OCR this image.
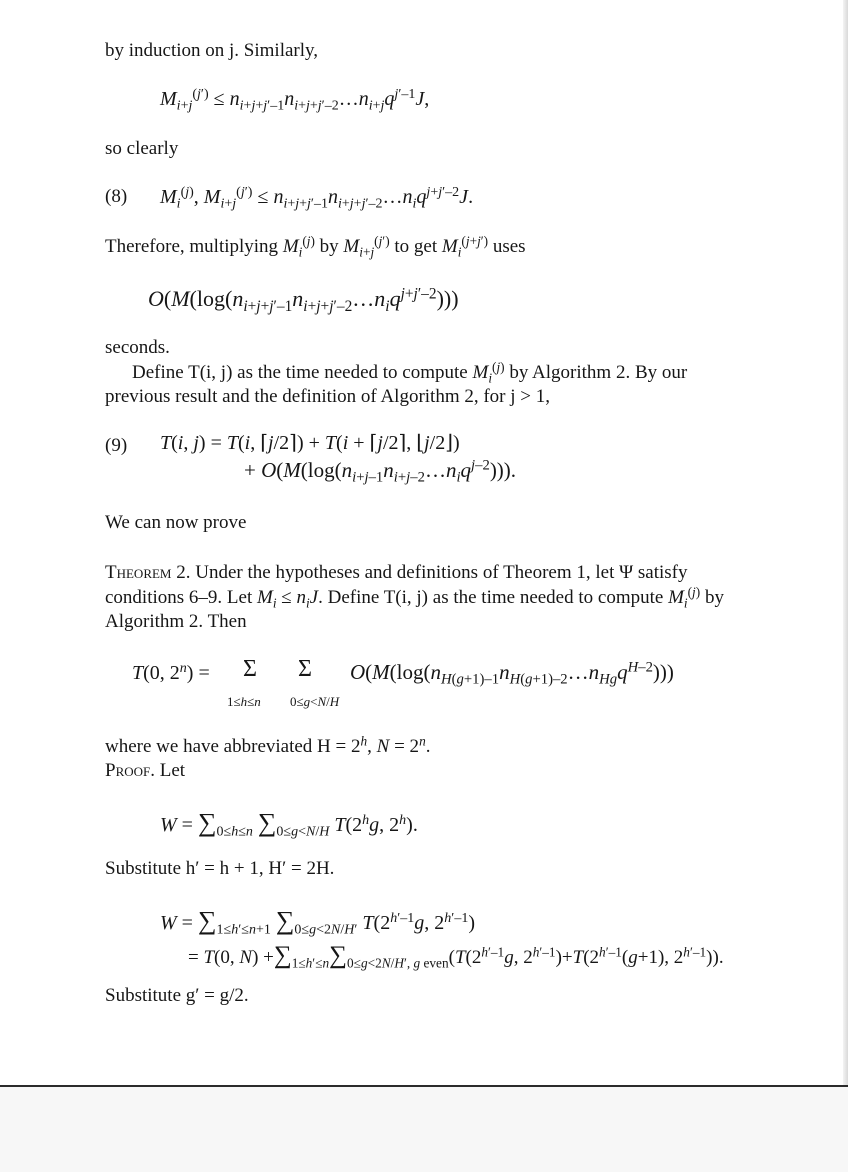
by induction on j. Similarly,
$M_{i+j}^{(j')}$ ≤ $n_{i+j+j'-1}n_{i+j+j'-2}\dots n_{i+j}q^{j'-1}J$,
so clearly
(8) $M_i^{(j)}$, $M_{i+j}^{(j')}$ ≤ $n_{i+j+j'-1}n_{i+j+j'-2}\dots n_iq^{j+j'-2}J$.
Therefore, multiplying $M_i^{(j)}$ by $M_{i+j}^{(j')}$ to get $M_i^{(j+j')}$ uses
$O(M(\log(n_{i+j+j'-1}n_{i+j+j'-2}\dots n_iq^{j+j'-2})))$
seconds.
Define T(i, j) as the time needed to compute $M_i^{(j)}$ by Algorithm 2. By our
previous result and the definition of Algorithm 2, for j > 1,
(9) T(i, j) = T(i, ⌈j/2⌉) + T(i + ⌈j/2⌉, ⌊j/2⌋)
+ $O(M(\log(n_{i+j-1}n_{i+j-2}\dots n_iq^{j-2})))$.
We can now prove
Theorem 2. Under the hypotheses and definitions of Theorem 1, let Ψ satisfy
conditions 6–9. Let $M_i \le n_iJ$. Define T(i, j) as the time needed to compute $M_i^{(j)}$ by
Algorithm 2. Then
T(0, $2^n) = \Sigma$
1≤h≤n
Σ
0≤g<N/H
$O(M(\log(n_{H(g+1)-1}n_{H(g+1)-2}\dots n_{Hg}q^{H-2})))$
where we have abbreviated $H = 2^h$, $N = 2^n$.
Proof. Let
$W = \sum_{0\le h\le n}$ $\sum_{0\le g<N/H}$ T(2$^h$g, 2$^h$).
Substitute h′ = h + 1, H′ = 2H.
$W = \sum_{1\le h'\le n+1}$ $\sum_{0\le g<2N/H'}$ $T(2^{h'-1}g$, $2^{h'-1}$)
= T(0, $N) +\sum_{1\le h'\le n}\sum_{0\le g<2N/H', g even}(T(2^{h'-1}g$, $2^{h'-1})+T(2^{h'-1}(g+1)$, $2^{h'-1}$)).
Substitute g′ = g/2.
